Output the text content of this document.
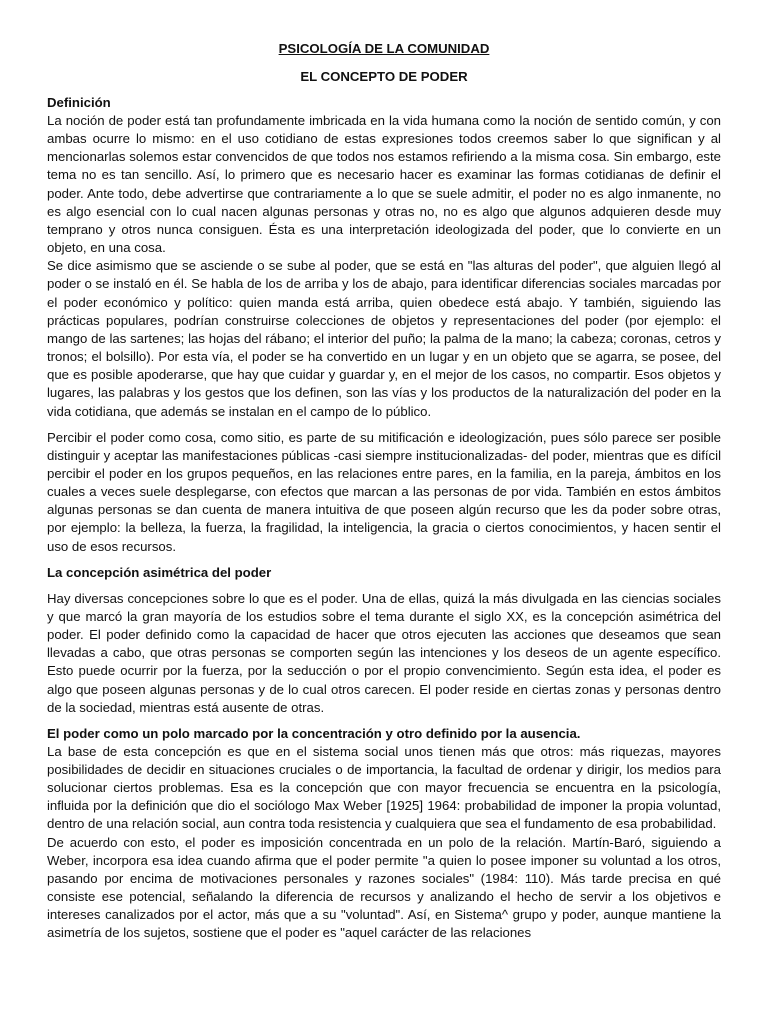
PSICOLOGÍA DE LA COMUNIDAD
EL CONCEPTO DE PODER
Definición

La noción de poder está tan profundamente imbricada en la vida humana como la noción de sentido común, y con ambas ocurre lo mismo: en el uso cotidiano de estas expresiones todos creemos saber lo que significan y al mencionarlas solemos estar convencidos de que todos nos estamos refiriendo a la misma cosa. Sin embargo, este tema no es tan sencillo. Así, lo primero que es necesario hacer es examinar las formas cotidianas de definir el poder. Ante todo, debe advertirse que contrariamente a lo que se suele admitir, el poder no es algo inmanente, no es algo esencial con lo cual nacen algunas personas y otras no, no es algo que algunos adquieren desde muy temprano y otros nunca consiguen. Ésta es una interpretación ideologizada del poder, que lo convierte en un objeto, en una cosa.

Se dice asimismo que se asciende o se sube al poder, que se está en "las alturas del poder", que alguien llegó al poder o se instaló en él. Se habla de los de arriba y los de abajo, para identificar diferencias sociales marcadas por el poder económico y político: quien manda está arriba, quien obedece está abajo. Y también, siguiendo las prácticas populares, podrían construirse colecciones de objetos y representaciones del poder (por ejemplo: el mango de las sartenes; las hojas del rábano; el interior del puño; la palma de la mano; la cabeza; coronas, cetros y tronos; el bolsillo). Por esta vía, el poder se ha convertido en un lugar y en un objeto que se agarra, se posee, del que es posible apoderarse, que hay que cuidar y guardar y, en el mejor de los casos, no compartir. Esos objetos y lugares, las palabras y los gestos que los definen, son las vías y los productos de la naturalización del poder en la vida cotidiana, que además se instalan en el campo de lo público.

Percibir el poder como cosa, como sitio, es parte de su mitificación e ideologización, pues sólo parece ser posible distinguir y aceptar las manifestaciones públicas -casi siempre institucionalizadas- del poder, mientras que es difícil percibir el poder en los grupos pequeños, en las relaciones entre pares, en la familia, en la pareja, ámbitos en los cuales a veces suele desplegarse, con efectos que marcan a las personas de por vida. También en estos ámbitos algunas personas se dan cuenta de manera intuitiva de que poseen algún recurso que les da poder sobre otras, por ejemplo: la belleza, la fuerza, la fragilidad, la inteligencia, la gracia o ciertos conocimientos, y hacen sentir el uso de esos recursos.

La concepción asimétrica del poder

Hay diversas concepciones sobre lo que es el poder. Una de ellas, quizá la más divulgada en las ciencias sociales y que marcó la gran mayoría de los estudios sobre el tema durante el siglo XX, es la concepción asimétrica del poder. El poder definido como la capacidad de hacer que otros ejecuten las acciones que deseamos que sean llevadas a cabo, que otras personas se comporten según las intenciones y los deseos de un agente específico. Esto puede ocurrir por la fuerza, por la seducción o por el propio convencimiento. Según esta idea, el poder es algo que poseen algunas personas y de lo cual otros carecen. El poder reside en ciertas zonas y personas dentro de la sociedad, mientras está ausente de otras.

El poder como un polo marcado por la concentración y otro definido por la ausencia.

La base de esta concepción es que en el sistema social unos tienen más que otros: más riquezas, mayores posibilidades de decidir en situaciones cruciales o de importancia, la facultad de ordenar y dirigir, los medios para solucionar ciertos problemas. Esa es la concepción que con mayor frecuencia se encuentra en la psicología, influida por la definición que dio el sociólogo Max Weber [1925] 1964: probabilidad de imponer la propia voluntad, dentro de una relación social, aun contra toda resistencia y cualquiera que sea el fundamento de esa probabilidad.

De acuerdo con esto, el poder es imposición concentrada en un polo de la relación. Martín-Baró, siguiendo a Weber, incorpora esa idea cuando afirma que el poder permite "a quien lo posee imponer su voluntad a los otros, pasando por encima de motivaciones personales y razones sociales" (1984: 110). Más tarde precisa en qué consiste ese potencial, señalando la diferencia de recursos y analizando el hecho de servir a los objetivos e intereses canalizados por el actor, más que a su "voluntad". Así, en Sistema^ grupo y poder, aunque mantiene la asimetría de los sujetos, sostiene que el poder es "aquel carácter de las relaciones
